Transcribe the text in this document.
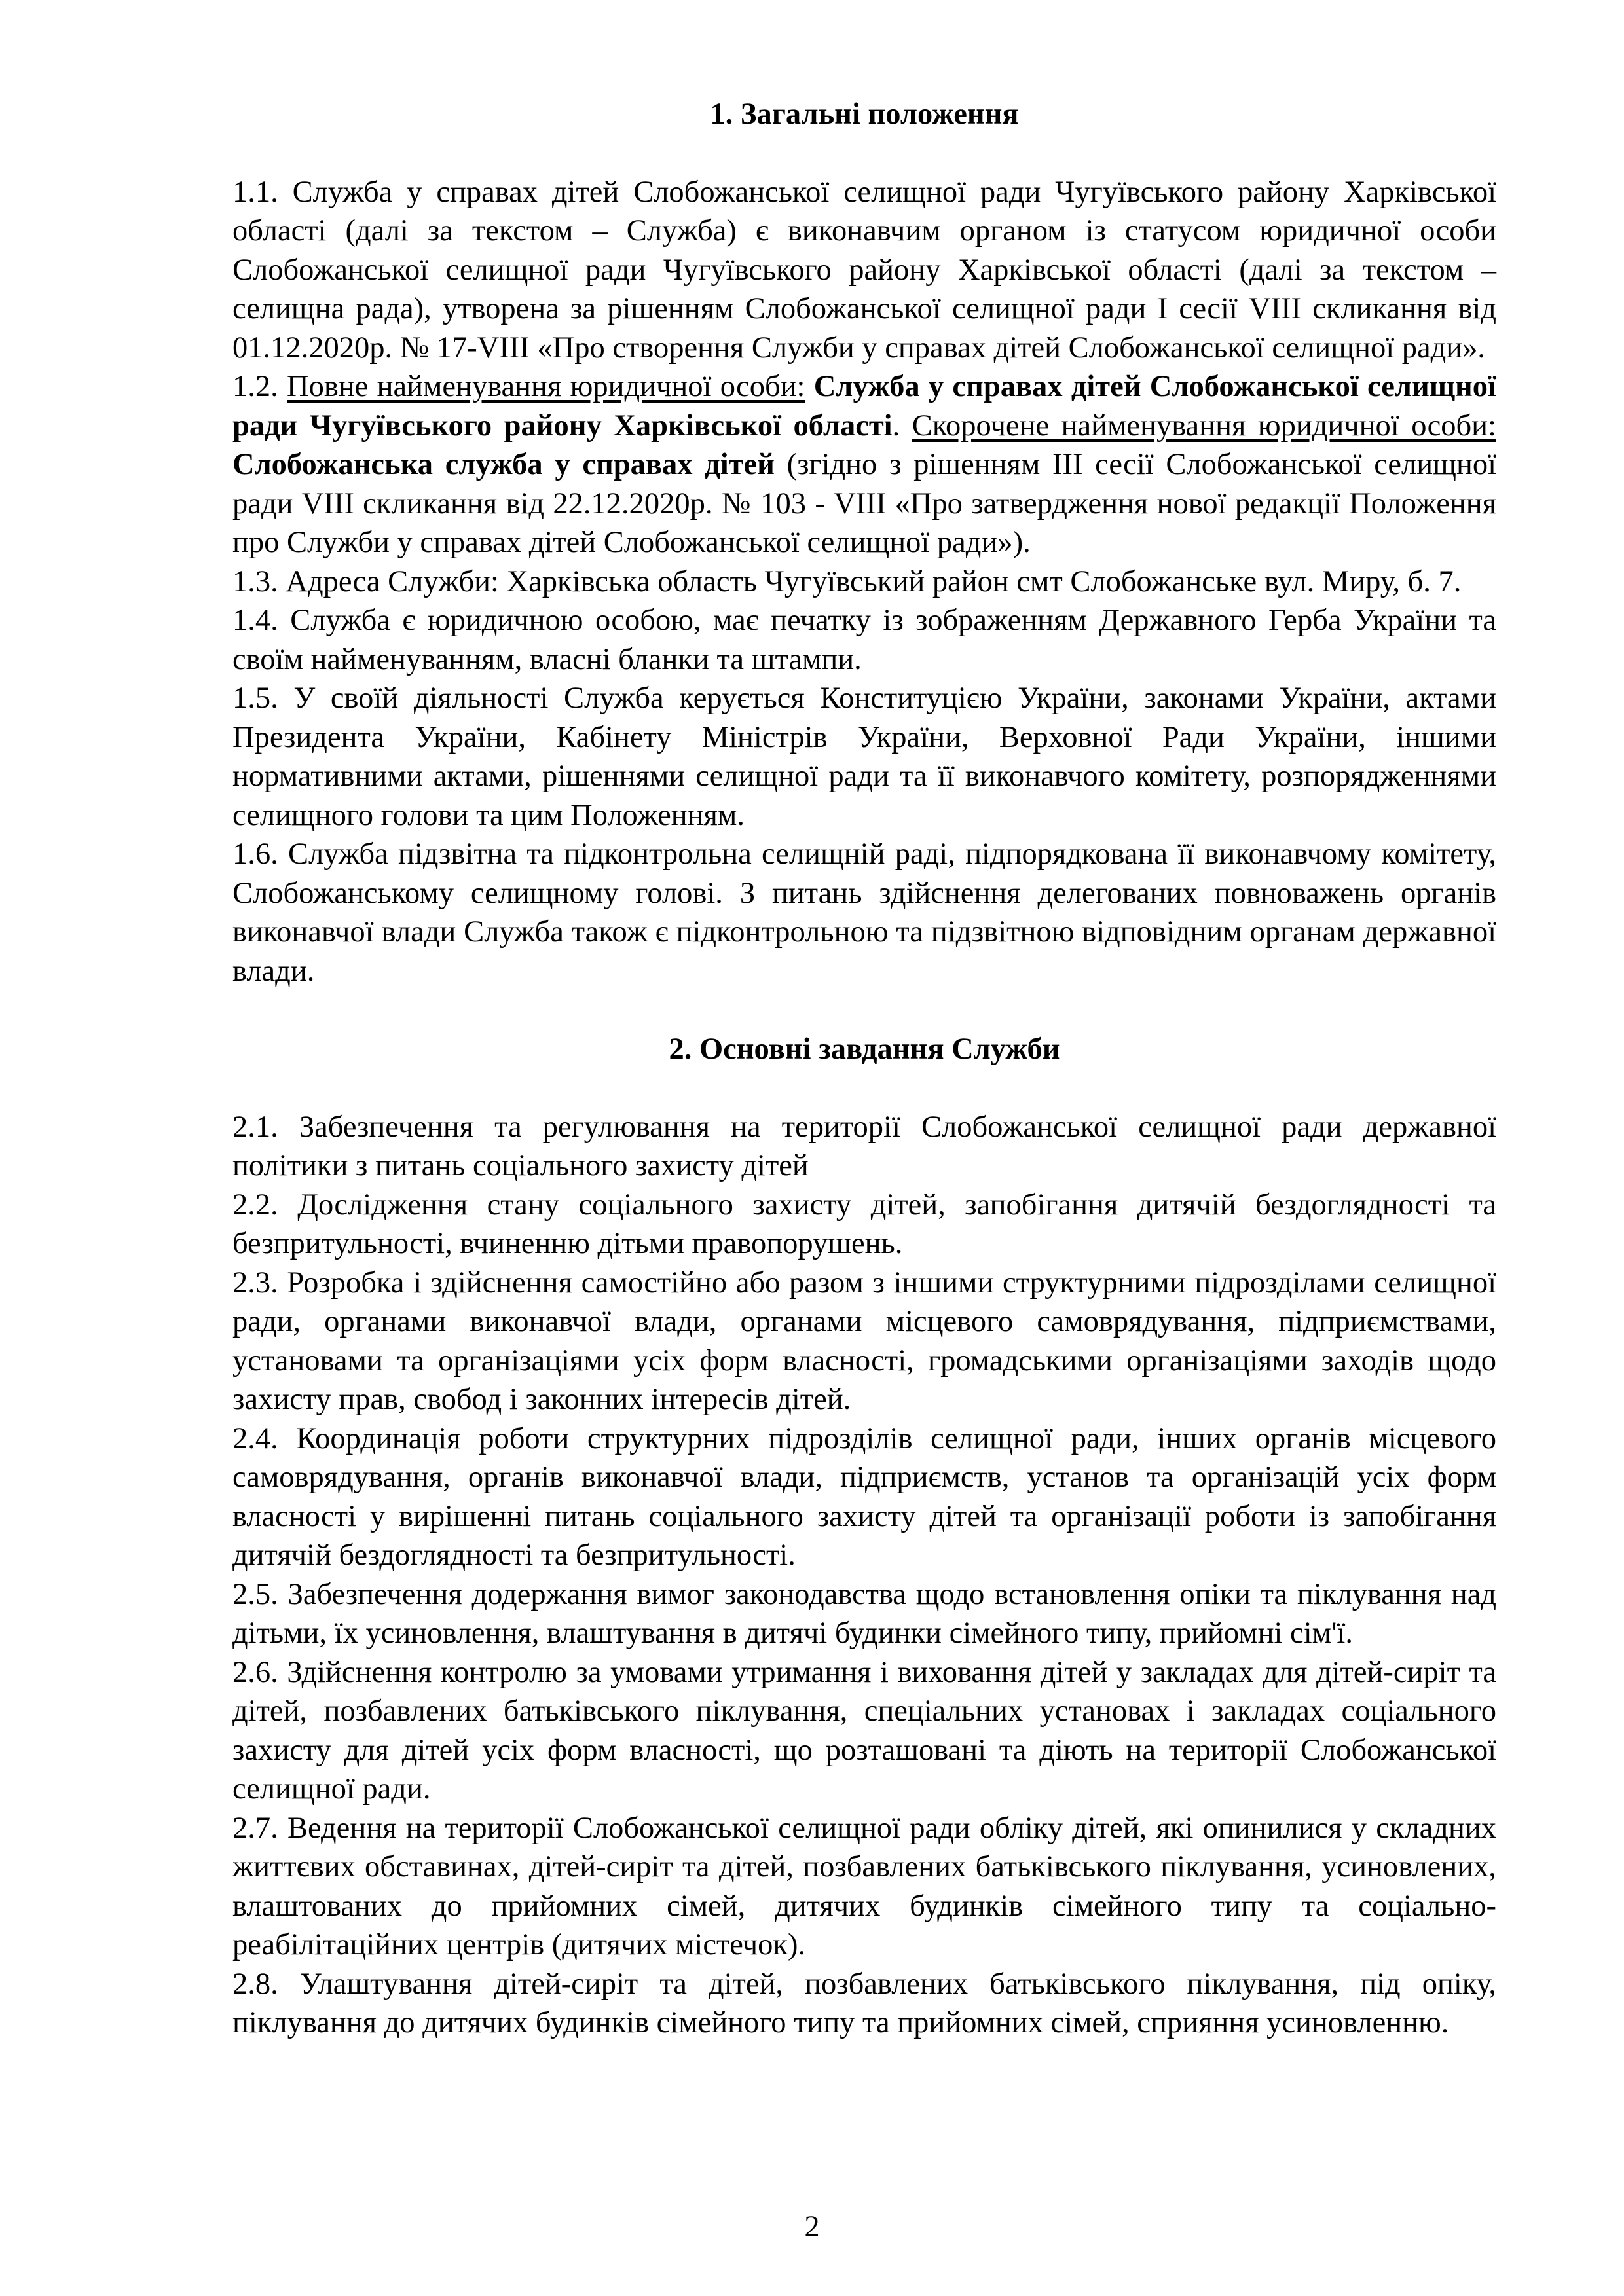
1. Загальні положення

1.1. Служба у справах дітей Слобожанської селищної ради Чугуївського району Харківської області (далі за текстом – Служба) є виконавчим органом із статусом юридичної особи Слобожанської селищної ради Чугуївського району Харківської області (далі за текстом – селищна рада), утворена за рішенням Слобожанської селищної ради І сесії VІІІ скликання від 01.12.2020р. № 17-VІІІ «Про створення Служби у справах дітей Слобожанської селищної ради».

1.2. Повне найменування юридичної особи: Служба у справах дітей Слобожанської селищної ради Чугуївського району Харківської області. Скорочене найменування юридичної особи: Слобожанська служба у справах дітей (згідно з рішенням ІІІ сесії Слобожанської селищної ради VIII скликання від 22.12.2020р. № 103 - VIII «Про затвердження нової редакції Положення про Служби у справах дітей Слобожанської селищної ради»).

1.3. Адреса Служби: Харківська область Чугуївський район смт Слобожанське вул. Миру, б. 7.

1.4. Служба є юридичною особою, має печатку із зображенням Державного Герба України та своїм найменуванням, власні бланки та штампи.

1.5. У своїй діяльності Служба керується Конституцією України, законами України, актами Президента України, Кабінету Міністрів України, Верховної Ради України, іншими нормативними актами, рішеннями селищної ради та її виконавчого комітету, розпорядженнями селищного голови та цим Положенням.

1.6. Служба підзвітна та підконтрольна селищній раді, підпорядкована її виконавчому комітету, Слобожанському селищному голові. З питань здійснення делегованих повноважень органів виконавчої влади Служба також є підконтрольною та підзвітною відповідним органам державної влади.

2. Основні завдання Служби

2.1. Забезпечення та регулювання на території Слобожанської селищної ради державної політики з питань соціального захисту дітей

2.2. Дослідження стану соціального захисту дітей, запобігання дитячій бездоглядності та безпритульності, вчиненню дітьми правопорушень.

2.3. Розробка і здійснення самостійно або разом з іншими структурними підрозділами селищної ради, органами виконавчої влади, органами місцевого самоврядування, підприємствами, установами та організаціями усіх форм власності, громадськими організаціями заходів щодо захисту прав, свобод і законних інтересів дітей.

2.4. Координація роботи структурних підрозділів селищної ради, інших органів місцевого самоврядування, органів виконавчої влади, підприємств, установ та організацій усіх форм власності у вирішенні питань соціального захисту дітей та організації роботи із запобігання дитячій бездоглядності та безпритульності.

2.5. Забезпечення додержання вимог законодавства щодо встановлення опіки та піклування над дітьми, їх усиновлення, влаштування в дитячі будинки сімейного типу, прийомні сім'ї.

2.6. Здійснення контролю за умовами утримання і виховання дітей у закладах для дітей-сиріт та дітей, позбавлених батьківського піклування, спеціальних установах і закладах соціального захисту для дітей усіх форм власності, що розташовані та діють на території Слобожанської селищної ради.

2.7. Ведення на території Слобожанської селищної ради обліку дітей, які опинилися у складних життєвих обставинах, дітей-сиріт та дітей, позбавлених батьківського піклування, усиновлених, влаштованих до прийомних сімей, дитячих будинків сімейного типу та соціально-реабілітаційних центрів (дитячих містечок).

2.8. Улаштування дітей-сиріт та дітей, позбавлених батьківського піклування, під опіку, піклування до дитячих будинків сімейного типу та прийомних сімей, сприяння усиновленню.

2
